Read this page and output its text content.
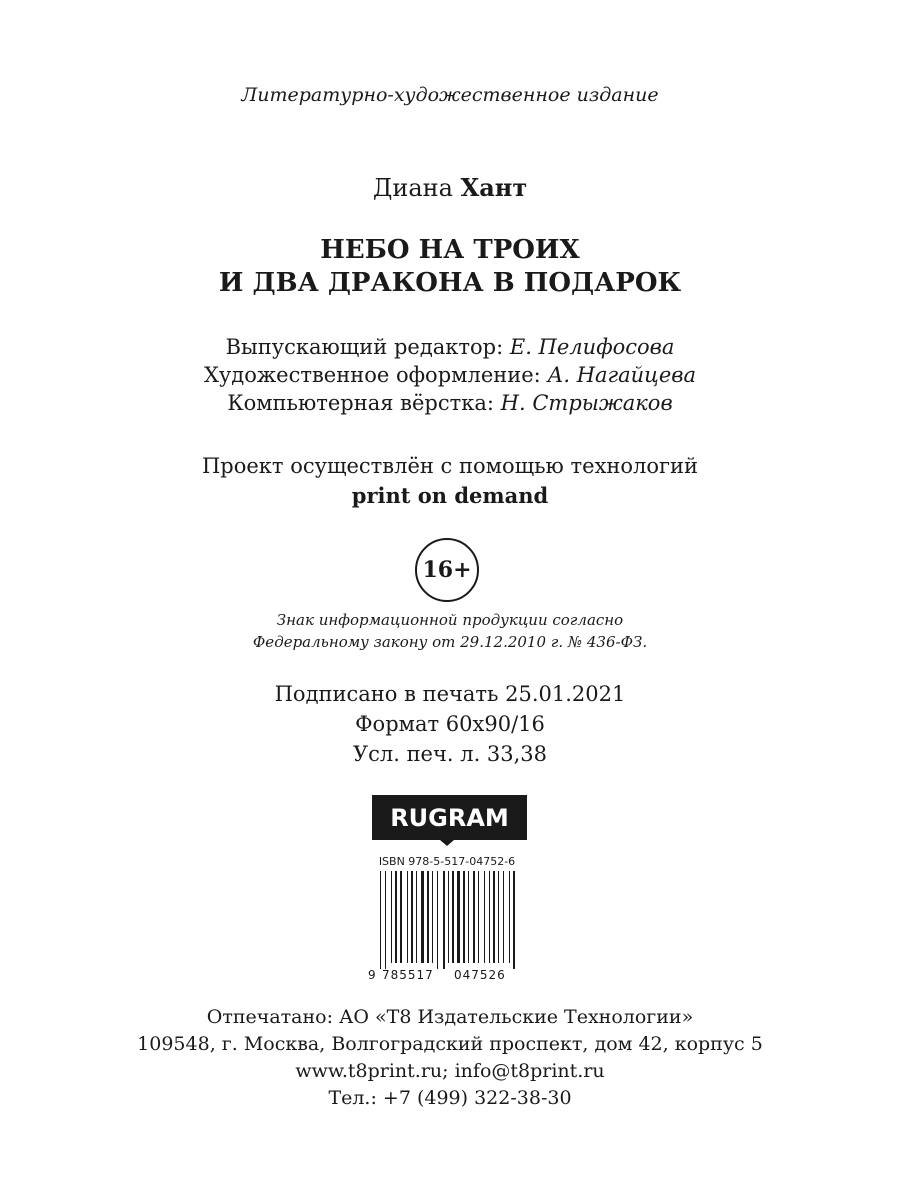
Литературно-художественное издание
Диана Хант
НЕБО НА ТРОИХ
И ДВА ДРАКОНА В ПОДАРОК
Выпускающий редактор: Е. Пелифосова
Художественное оформление: А. Нагайцева
Компьютерная вёрстка: Н. Стрыжаков
Проект осуществлён с помощью технологий
print on demand
16+
Знак информационной продукции согласно
Федеральному закону от 29.12.2010 г. № 436-ФЗ.
Подписано в печать 25.01.2021
Формат 60x90/16
Усл. печ. л. 33,38
RUGRAM
ISBN 978-5-517-04752-6
9 785517 047526
Отпечатано: АО «Т8 Издательские Технологии»
109548, г. Москва, Волгоградский проспект, дом 42, корпус 5
www.t8print.ru; info@t8print.ru
Тел.: +7 (499) 322-38-30
